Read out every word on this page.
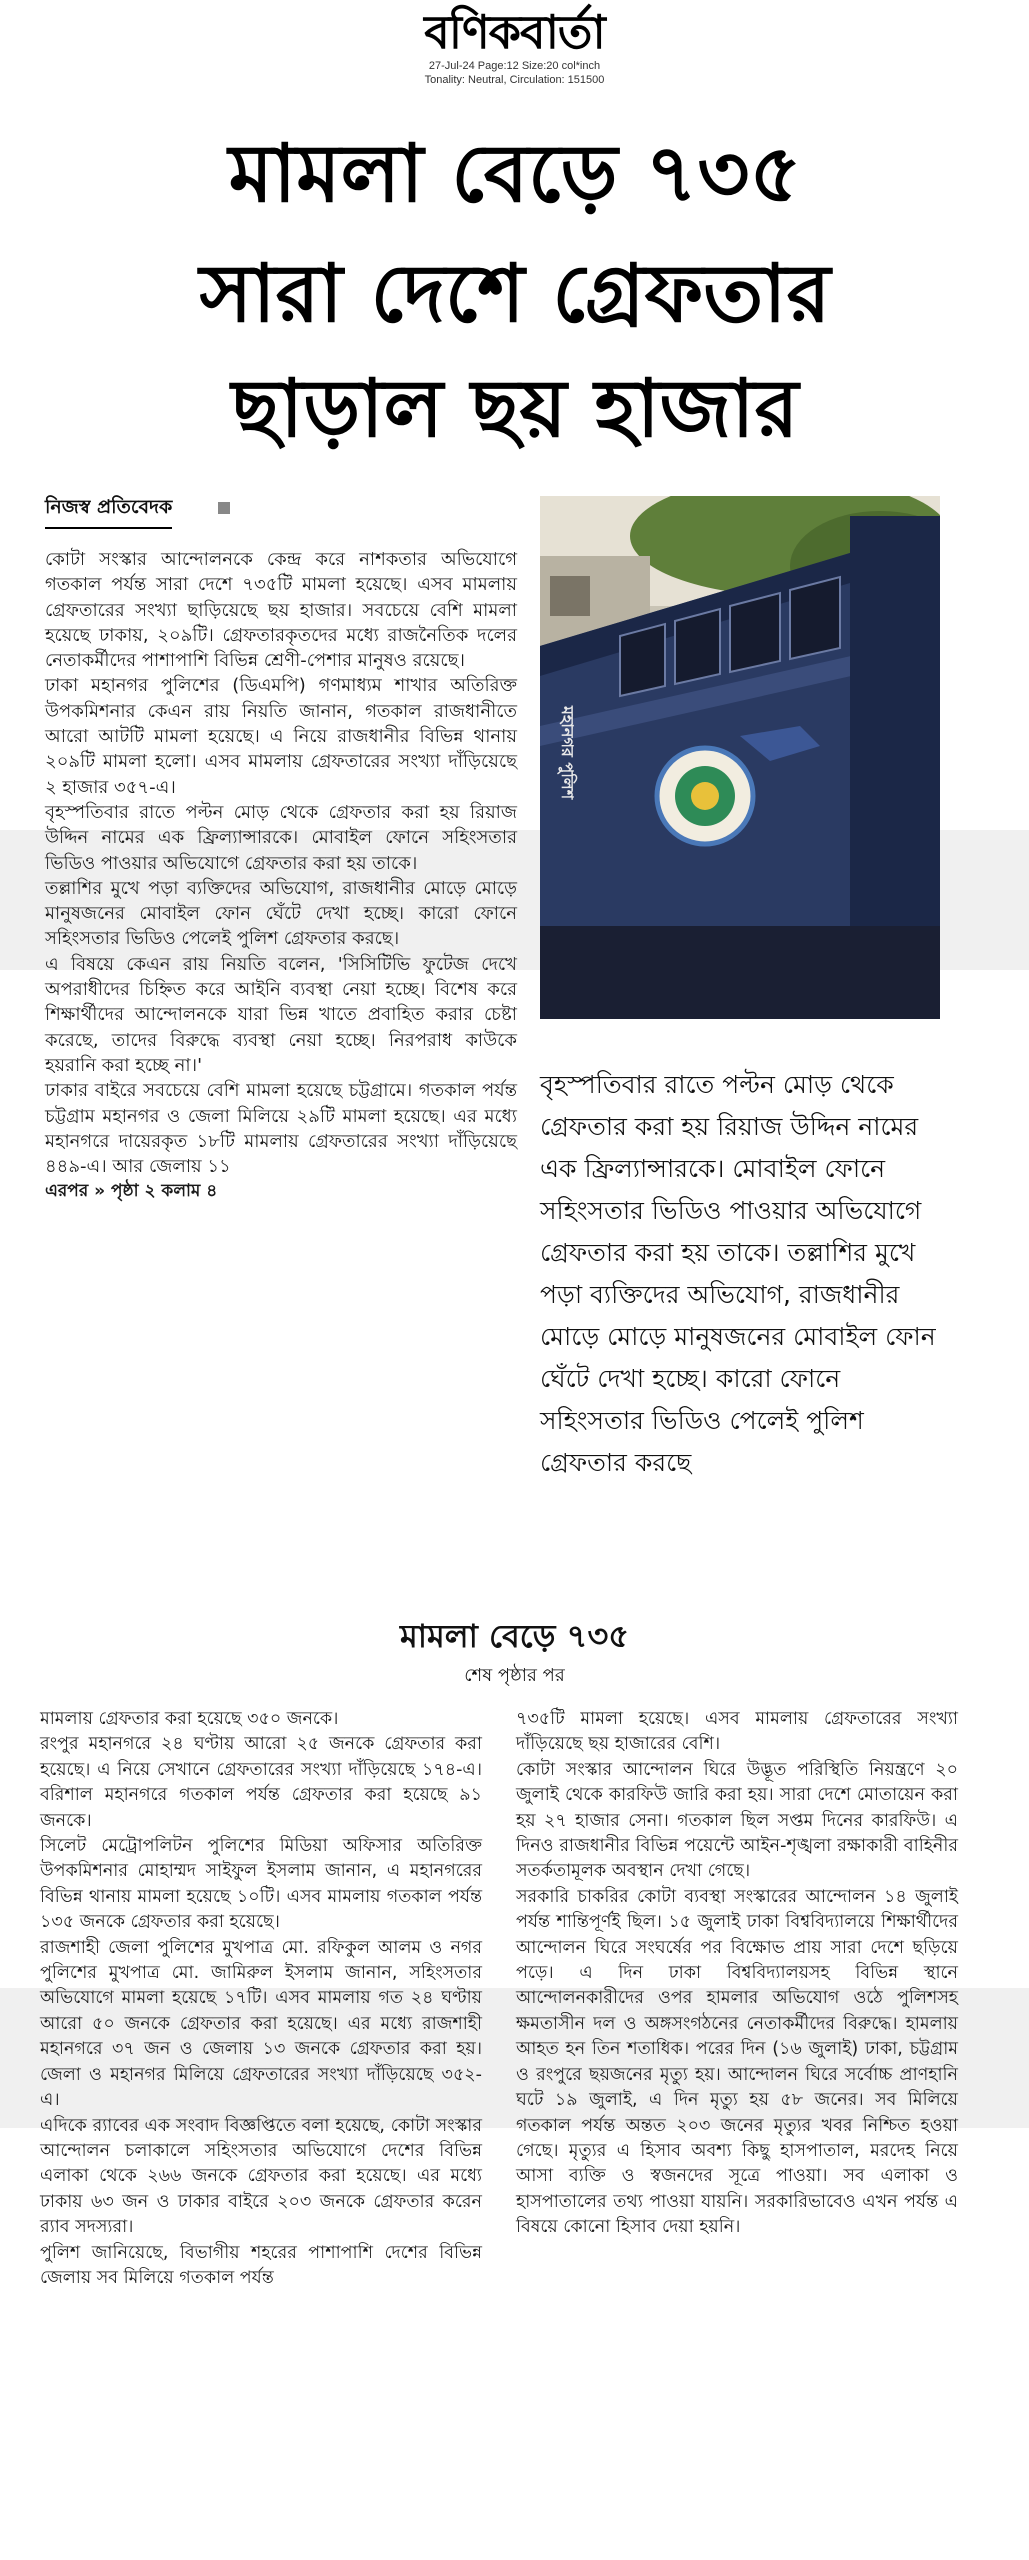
বণিকবার্তা
27-Jul-24 Page:12 Size:20 col*inch
Tonality: Neutral, Circulation: 151500
মামলা বেড়ে ৭৩৫
সারা দেশে গ্রেফতার
ছাড়াল ছয় হাজার
নিজস্ব প্রতিবেদক

কোটা সংস্কার আন্দোলনকে কেন্দ্র করে নাশকতার অভিযোগে গতকাল পর্যন্ত সারা দেশে ৭৩৫টি মামলা হয়েছে। এসব মামলায় গ্রেফতারের সংখ্যা ছাড়িয়েছে ছয় হাজার। সবচেয়ে বেশি মামলা হয়েছে ঢাকায়, ২০৯টি। গ্রেফতারকৃতদের মধ্যে রাজনৈতিক দলের নেতাকর্মীদের পাশাপাশি বিভিন্ন শ্রেণী-পেশার মানুষও রয়েছে।

ঢাকা মহানগর পুলিশের (ডিএমপি) গণমাধ্যম শাখার অতিরিক্ত উপকমিশনার কেএন রায় নিয়তি জানান, গতকাল রাজধানীতে আরো আটটি মামলা হয়েছে। এ নিয়ে রাজধানীর বিভিন্ন থানায় ২০৯টি মামলা হলো। এসব মামলায় গ্রেফতারের সংখ্যা দাঁড়িয়েছে ২ হাজার ৩৫৭-এ।

বৃহস্পতিবার রাতে পল্টন মোড় থেকে গ্রেফতার করা হয় রিয়াজ উদ্দিন নামের এক ফ্রিল্যান্সারকে। মোবাইল ফোনে সহিংসতার ভিডিও পাওয়ার অভিযোগে গ্রেফতার করা হয় তাকে।

তল্লাশির মুখে পড়া ব্যক্তিদের অভিযোগ, রাজধানীর মোড়ে মোড়ে মানুষজনের মোবাইল ফোন ঘেঁটে দেখা হচ্ছে। কারো ফোনে সহিংসতার ভিডিও পেলেই পুলিশ গ্রেফতার করছে।

এ বিষয়ে কেএন রায় নিয়তি বলেন, 'সিসিটিভি ফুটেজ দেখে অপরাধীদের চিহ্নিত করে আইনি ব্যবস্থা নেয়া হচ্ছে। বিশেষ করে শিক্ষার্থীদের আন্দোলনকে যারা ভিন্ন খাতে প্রবাহিত করার চেষ্টা করেছে, তাদের বিরুদ্ধে ব্যবস্থা নেয়া হচ্ছে। নিরপরাধ কাউকে হয়রানি করা হচ্ছে না।'

ঢাকার বাইরে সবচেয়ে বেশি মামলা হয়েছে চট্টগ্রামে। গতকাল পর্যন্ত চট্টগ্রাম মহানগর ও জেলা মিলিয়ে ২৯টি মামলা হয়েছে। এর মধ্যে মহানগরে দায়েরকৃত ১৮টি মামলায় গ্রেফতারের সংখ্যা দাঁড়িয়েছে ৪৪৯-এ। আর জেলায় ১১

এরপর » পৃষ্ঠা ২ কলাম ৪

মহানগর পুলিশ
বৃহস্পতিবার রাতে পল্টন মোড় থেকে গ্রেফতার করা হয় রিয়াজ উদ্দিন নামের এক ফ্রিল্যান্সারকে। মোবাইল ফোনে সহিংসতার ভিডিও পাওয়ার অভিযোগে গ্রেফতার করা হয় তাকে। তল্লাশির মুখে পড়া ব্যক্তিদের অভিযোগ, রাজধানীর মোড়ে মোড়ে মানুষজনের মোবাইল ফোন ঘেঁটে দেখা হচ্ছে। কারো ফোনে সহিংসতার ভিডিও পেলেই পুলিশ গ্রেফতার করছে
মামলা বেড়ে ৭৩৫
শেষ পৃষ্ঠার পর

মামলায় গ্রেফতার করা হয়েছে ৩৫০ জনকে।

রংপুর মহানগরে ২৪ ঘণ্টায় আরো ২৫ জনকে গ্রেফতার করা হয়েছে। এ নিয়ে সেখানে গ্রেফতারের সংখ্যা দাঁড়িয়েছে ১৭৪-এ। বরিশাল মহানগরে গতকাল পর্যন্ত গ্রেফতার করা হয়েছে ৯১ জনকে।

সিলেট মেট্রোপলিটন পুলিশের মিডিয়া অফিসার অতিরিক্ত উপকমিশনার মোহাম্মদ সাইফুল ইসলাম জানান, এ মহানগরের বিভিন্ন থানায় মামলা হয়েছে ১০টি। এসব মামলায় গতকাল পর্যন্ত ১৩৫ জনকে গ্রেফতার করা হয়েছে।

রাজশাহী জেলা পুলিশের মুখপাত্র মো. রফিকুল আলম ও নগর পুলিশের মুখপাত্র মো. জামিরুল ইসলাম জানান, সহিংসতার অভিযোগে মামলা হয়েছে ১৭টি। এসব মামলায় গত ২৪ ঘণ্টায় আরো ৫০ জনকে গ্রেফতার করা হয়েছে। এর মধ্যে রাজশাহী মহানগরে ৩৭ জন ও জেলায় ১৩ জনকে গ্রেফতার করা হয়। জেলা ও মহানগর মিলিয়ে গ্রেফতারের সংখ্যা দাঁড়িয়েছে ৩৫২-এ।

এদিকে র‍্যাবের এক সংবাদ বিজ্ঞপ্তিতে বলা হয়েছে, কোটা সংস্কার আন্দোলন চলাকালে সহিংসতার অভিযোগে দেশের বিভিন্ন এলাকা থেকে ২৬৬ জনকে গ্রেফতার করা হয়েছে। এর মধ্যে ঢাকায় ৬৩ জন ও ঢাকার বাইরে ২০৩ জনকে গ্রেফতার করেন র‍্যাব সদস্যরা।

পুলিশ জানিয়েছে, বিভাগীয় শহরের পাশাপাশি দেশের বিভিন্ন জেলায় সব মিলিয়ে গতকাল পর্যন্ত

৭৩৫টি মামলা হয়েছে। এসব মামলায় গ্রেফতারের সংখ্যা দাঁড়িয়েছে ছয় হাজারের বেশি।

কোটা সংস্কার আন্দোলন ঘিরে উদ্ভূত পরিস্থিতি নিয়ন্ত্রণে ২০ জুলাই থেকে কারফিউ জারি করা হয়। সারা দেশে মোতায়েন করা হয় ২৭ হাজার সেনা। গতকাল ছিল সপ্তম দিনের কারফিউ। এ দিনও রাজধানীর বিভিন্ন পয়েন্টে আইন-শৃঙ্খলা রক্ষাকারী বাহিনীর সতর্কতামূলক অবস্থান দেখা গেছে।

সরকারি চাকরির কোটা ব্যবস্থা সংস্কারের আন্দোলন ১৪ জুলাই পর্যন্ত শান্তিপূর্ণই ছিল। ১৫ জুলাই ঢাকা বিশ্ববিদ্যালয়ে শিক্ষার্থীদের আন্দোলন ঘিরে সংঘর্ষের পর বিক্ষোভ প্রায় সারা দেশে ছড়িয়ে পড়ে। এ দিন ঢাকা বিশ্ববিদ্যালয়সহ বিভিন্ন স্থানে আন্দোলনকারীদের ওপর হামলার অভিযোগ ওঠে পুলিশসহ ক্ষমতাসীন দল ও অঙ্গসংগঠনের নেতাকর্মীদের বিরুদ্ধে। হামলায় আহত হন তিন শতাধিক। পরের দিন (১৬ জুলাই) ঢাকা, চট্টগ্রাম ও রংপুরে ছয়জনের মৃত্যু হয়। আন্দোলন ঘিরে সর্বোচ্চ প্রাণহানি ঘটে ১৯ জুলাই, এ দিন মৃত্যু হয় ৫৮ জনের। সব মিলিয়ে গতকাল পর্যন্ত অন্তত ২০৩ জনের মৃত্যুর খবর নিশ্চিত হওয়া গেছে। মৃত্যুর এ হিসাব অবশ্য কিছু হাসপাতাল, মরদেহ নিয়ে আসা ব্যক্তি ও স্বজনদের সূত্রে পাওয়া। সব এলাকা ও হাসপাতালের তথ্য পাওয়া যায়নি। সরকারিভাবেও এখন পর্যন্ত এ বিষয়ে কোনো হিসাব দেয়া হয়নি।
